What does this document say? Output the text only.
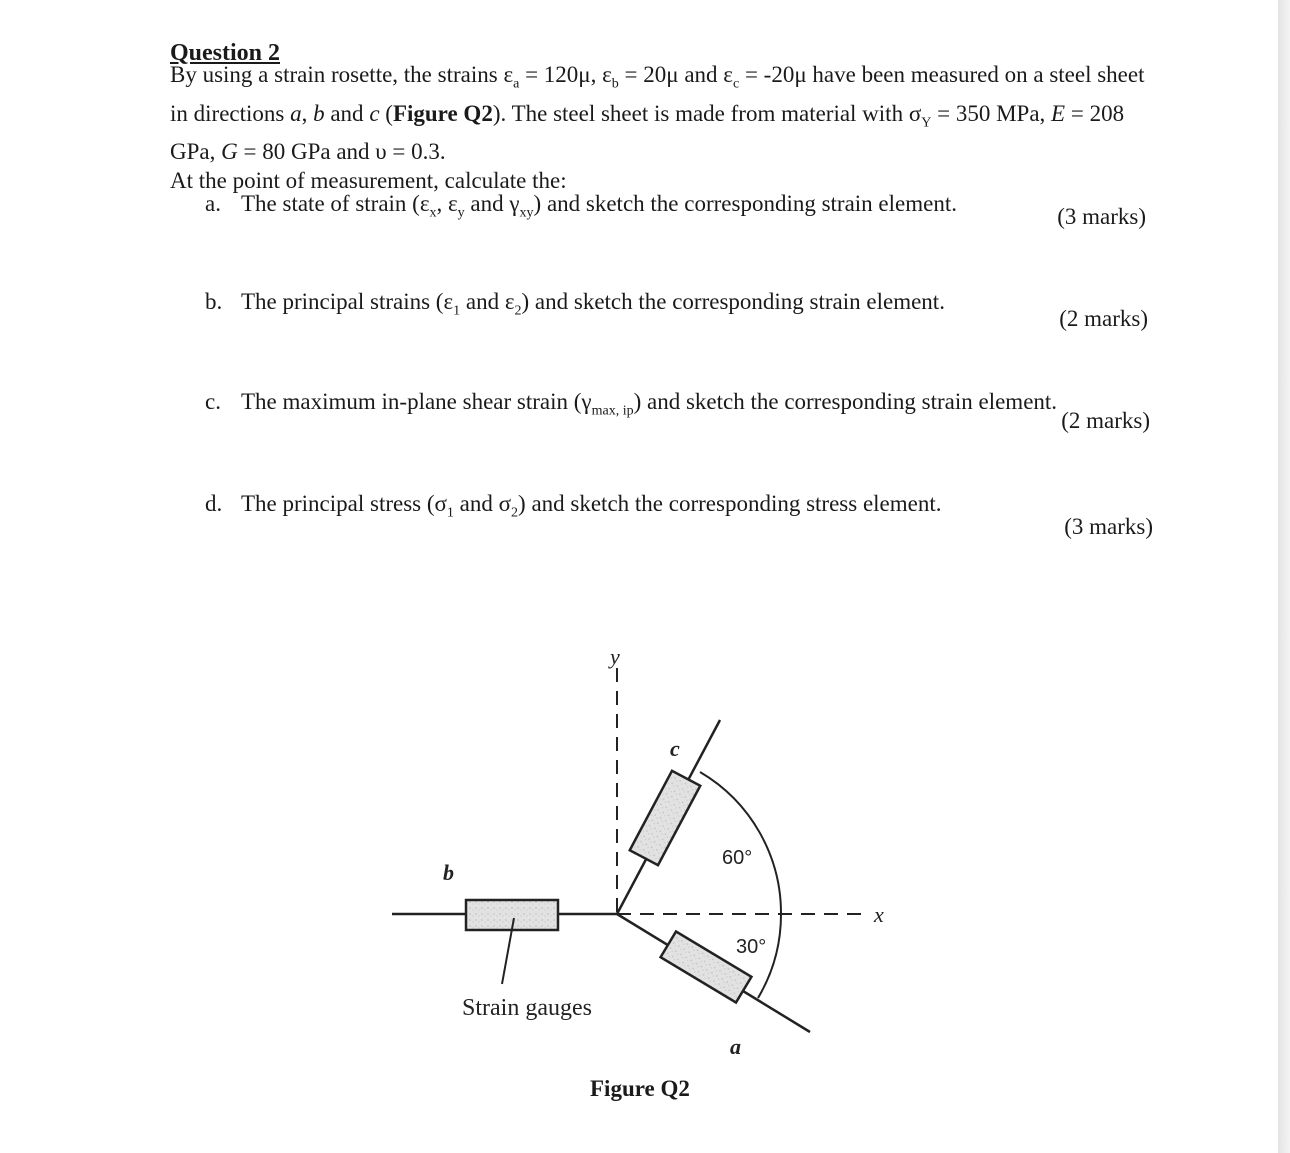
Question 2
By using a strain rosette, the strains $\varepsilon_a = 120\mu$, $\varepsilon_b = 20\mu$ and $\varepsilon_c = -20\mu$ have been measured on a steel sheet in directions a, b and c (Figure Q2). The steel sheet is made from material with $\sigma_Y = 350$ MPa, E = 208 GPa, G = 80 GPa and υ = 0.3.
At the point of measurement, calculate the:
a. The state of strain ($\varepsilon_x$, $\varepsilon_y$ and $\gamma_{xy}$) and sketch the corresponding strain element.
(3 marks)
b. The principal strains ($\varepsilon_1$ and $\varepsilon_2$) and sketch the corresponding strain element.
(2 marks)
c. The maximum in-plane shear strain $(\gamma_{max, ip})$ and sketch the corresponding strain element.
(2 marks)
d. The principal stress ($\sigma_1$ and $\sigma_2$) and sketch the corresponding stress element.
(3 marks)
y
x
b
c
a
60°
30°
Strain gauges
Figure Q2
